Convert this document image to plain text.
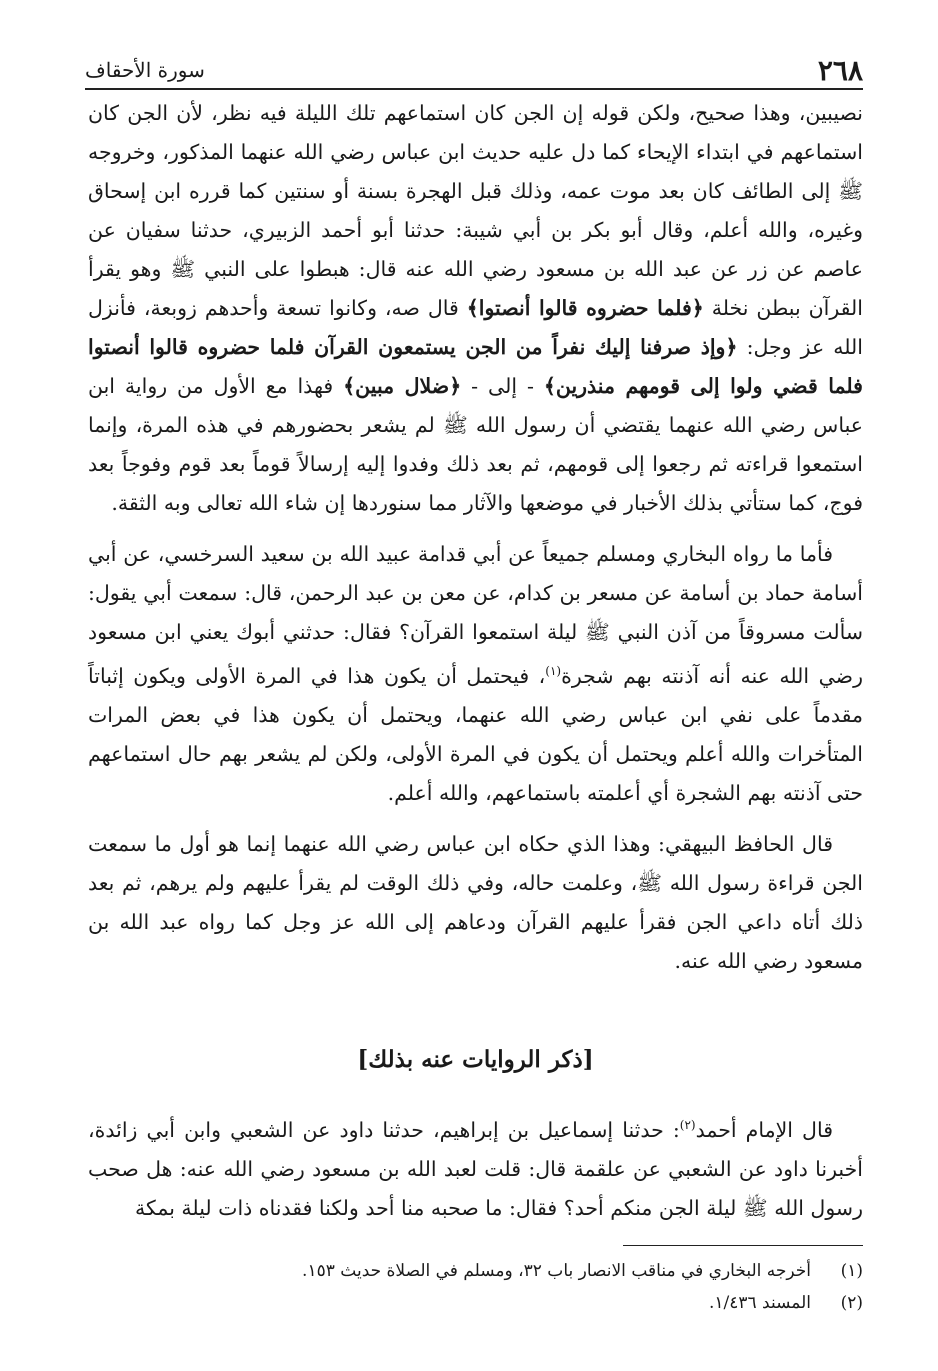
٢٦٨
سورة الأحقاف

نصيبين، وهذا صحيح، ولكن قوله إن الجن كان استماعهم تلك الليلة فيه نظر، لأن الجن كان استماعهم في ابتداء الإيحاء كما دل عليه حديث ابن عباس رضي الله عنهما المذكور، وخروجه ﷺ إلى الطائف كان بعد موت عمه، وذلك قبل الهجرة بسنة أو سنتين كما قرره ابن إسحاق وغيره، والله أعلم، وقال أبو بكر بن أبي شيبة: حدثنا أبو أحمد الزبيري، حدثنا سفيان عن عاصم عن زر عن عبد الله بن مسعود رضي الله عنه قال: هبطوا على النبي ﷺ وهو يقرأ القرآن ببطن نخلة ﴿فلما حضروه قالوا أنصتوا﴾ قال صه، وكانوا تسعة وأحدهم زوبعة، فأنزل الله عز وجل: ﴿وإذ صرفنا إليك نفراً من الجن يستمعون القرآن فلما حضروه قالوا أنصتوا فلما قضي ولوا إلى قومهم منذرين﴾ - إلى - ﴿ضلال مبين﴾ فهذا مع الأول من رواية ابن عباس رضي الله عنهما يقتضي أن رسول الله ﷺ لم يشعر بحضورهم في هذه المرة، وإنما استمعوا قراءته ثم رجعوا إلى قومهم، ثم بعد ذلك وفدوا إليه إرسالاً قوماً بعد قوم وفوجاً بعد فوج، كما ستأتي بذلك الأخبار في موضعها والآثار مما سنوردها إن شاء الله تعالى وبه الثقة.

فأما ما رواه البخاري ومسلم جميعاً عن أبي قدامة عبيد الله بن سعيد السرخسي، عن أبي أسامة حماد بن أسامة عن مسعر بن كدام، عن معن بن عبد الرحمن، قال: سمعت أبي يقول: سألت مسروقاً من آذن النبي ﷺ ليلة استمعوا القرآن؟ فقال: حدثني أبوك يعني ابن مسعود رضي الله عنه أنه آذنته بهم شجرة$^{(١)}$، فيحتمل أن يكون هذا في المرة الأولى ويكون إثباتاً مقدماً على نفي ابن عباس رضي الله عنهما، ويحتمل أن يكون هذا في بعض المرات المتأخرات والله أعلم ويحتمل أن يكون في المرة الأولى، ولكن لم يشعر بهم حال استماعهم حتى آذنته بهم الشجرة أي أعلمته باستماعهم، والله أعلم.

قال الحافظ البيهقي: وهذا الذي حكاه ابن عباس رضي الله عنهما إنما هو أول ما سمعت الجن قراءة رسول الله ﷺ، وعلمت حاله، وفي ذلك الوقت لم يقرأ عليهم ولم يرهم، ثم بعد ذلك أتاه داعي الجن فقرأ عليهم القرآن ودعاهم إلى الله عز وجل كما رواه عبد الله بن مسعود رضي الله عنه.

[ذكر الروايات عنه بذلك]

قال الإمام أحمد$^{(٢)}$: حدثنا إسماعيل بن إبراهيم، حدثنا داود عن الشعبي وابن أبي زائدة، أخبرنا داود عن الشعبي عن علقمة قال: قلت لعبد الله بن مسعود رضي الله عنه: هل صحب رسول الله ﷺ ليلة الجن منكم أحد؟ فقال: ما صحبه منا أحد ولكنا فقدناه ذات ليلة بمكة

(١)
أخرجه البخاري في مناقب الانصار باب ٣٢، ومسلم في الصلاة حديث ١٥٣.
(٢)
المسند ١/٤٣٦.
